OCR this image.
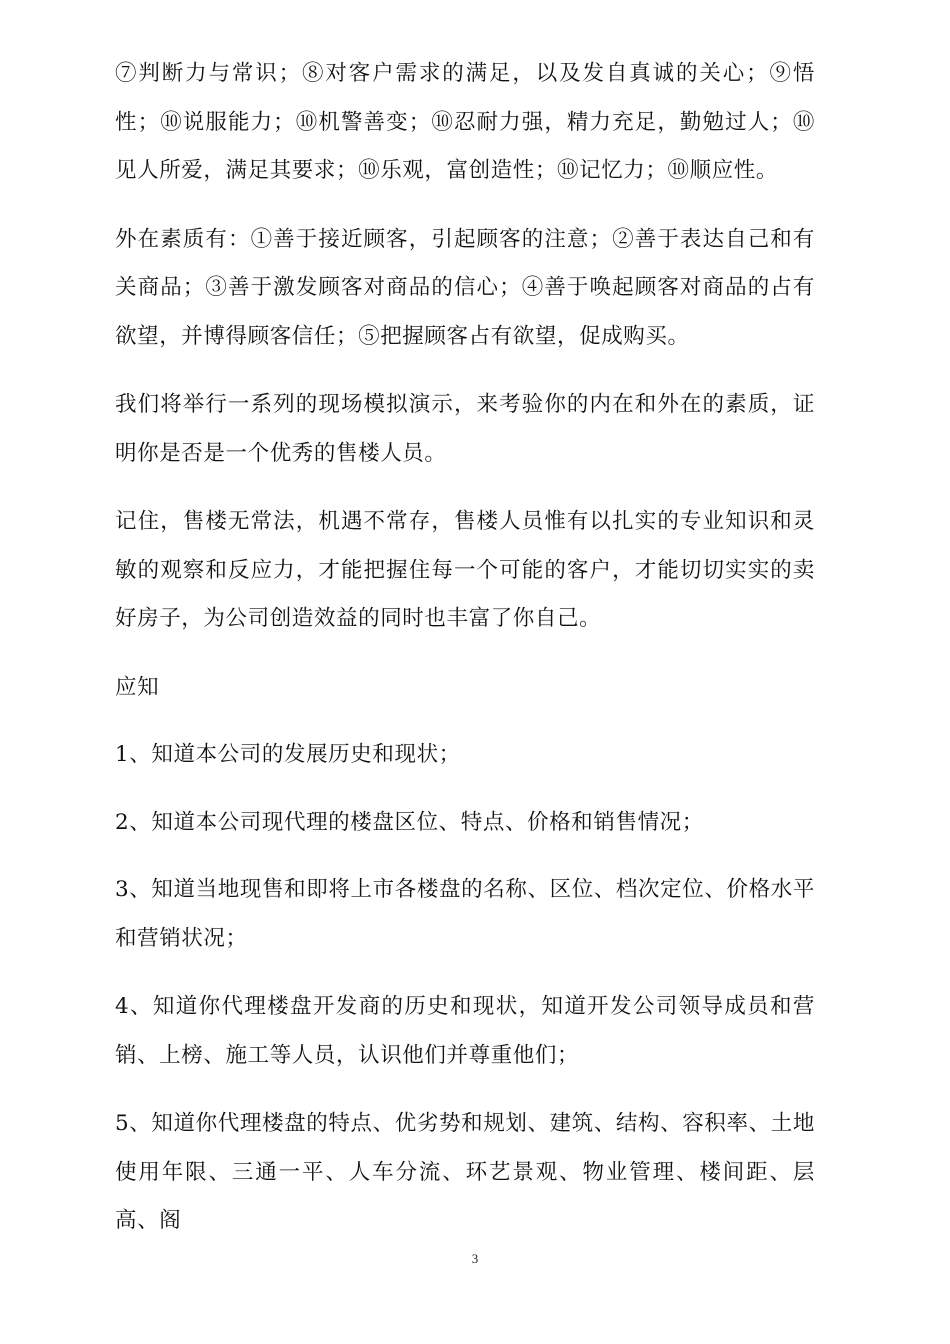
⑦判断力与常识；⑧对客户需求的满足，以及发自真诚的关心；⑨悟性；⑩说服能力；⑩机警善变；⑩忍耐力强，精力充足，勤勉过人；⑩见人所爱，满足其要求；⑩乐观，富创造性；⑩记忆力；⑩顺应性。

外在素质有：①善于接近顾客，引起顾客的注意；②善于表达自己和有关商品；③善于激发顾客对商品的信心；④善于唤起顾客对商品的占有欲望，并博得顾客信任；⑤把握顾客占有欲望，促成购买。

我们将举行一系列的现场模拟演示，来考验你的内在和外在的素质，证明你是否是一个优秀的售楼人员。

记住，售楼无常法，机遇不常存，售楼人员惟有以扎实的专业知识和灵敏的观察和反应力，才能把握住每一个可能的客户，才能切切实实的卖好房子，为公司创造效益的同时也丰富了你自己。

应知

1、知道本公司的发展历史和现状；

2、知道本公司现代理的楼盘区位、特点、价格和销售情况；

3、知道当地现售和即将上市各楼盘的名称、区位、档次定位、价格水平和营销状况；

4、知道你代理楼盘开发商的历史和现状，知道开发公司领导成员和营销、上榜、施工等人员，认识他们并尊重他们；

5、知道你代理楼盘的特点、优劣势和规划、建筑、结构、容积率、土地使用年限、三通一平、人车分流、环艺景观、物业管理、楼间距、层高、阁

3
